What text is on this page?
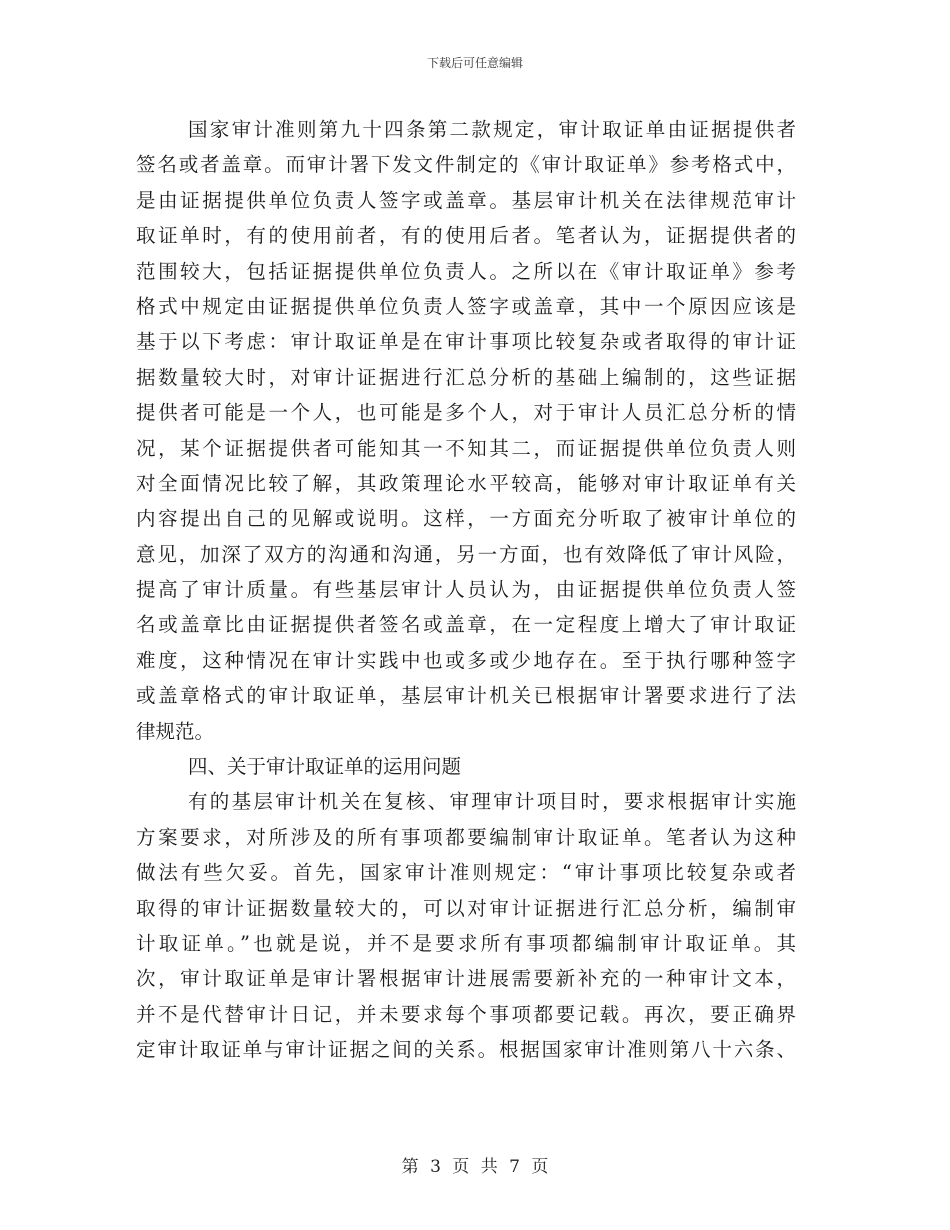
下载后可任意编辑
国家审计准则第九十四条第二款规定，审计取证单由证据提供者
签名或者盖章。而审计署下发文件制定的《审计取证单》参考格式中，
是由证据提供单位负责人签字或盖章。基层审计机关在法律规范审计
取证单时，有的使用前者，有的使用后者。笔者认为，证据提供者的
范围较大，包括证据提供单位负责人。之所以在《审计取证单》参考
格式中规定由证据提供单位负责人签字或盖章，其中一个原因应该是
基于以下考虑：审计取证单是在审计事项比较复杂或者取得的审计证
据数量较大时，对审计证据进行汇总分析的基础上编制的，这些证据
提供者可能是一个人，也可能是多个人，对于审计人员汇总分析的情
况，某个证据提供者可能知其一不知其二，而证据提供单位负责人则
对全面情况比较了解，其政策理论水平较高，能够对审计取证单有关
内容提出自己的见解或说明。这样，一方面充分听取了被审计单位的
意见，加深了双方的沟通和沟通，另一方面，也有效降低了审计风险，
提高了审计质量。有些基层审计人员认为，由证据提供单位负责人签
名或盖章比由证据提供者签名或盖章，在一定程度上增大了审计取证
难度，这种情况在审计实践中也或多或少地存在。至于执行哪种签字
或盖章格式的审计取证单，基层审计机关已根据审计署要求进行了法
律规范。
四、关于审计取证单的运用问题
有的基层审计机关在复核、审理审计项目时，要求根据审计实施
方案要求，对所涉及的所有事项都要编制审计取证单。笔者认为这种
做法有些欠妥。首先，国家审计准则规定：“审计事项比较复杂或者
取得的审计证据数量较大的，可以对审计证据进行汇总分析，编制审
计取证单。”也就是说，并不是要求所有事项都编制审计取证单。其
次，审计取证单是审计署根据审计进展需要新补充的一种审计文本，
并不是代替审计日记，并未要求每个事项都要记载。再次，要正确界
定审计取证单与审计证据之间的关系。根据国家审计准则第八十六条、
第 3 页 共 7 页
